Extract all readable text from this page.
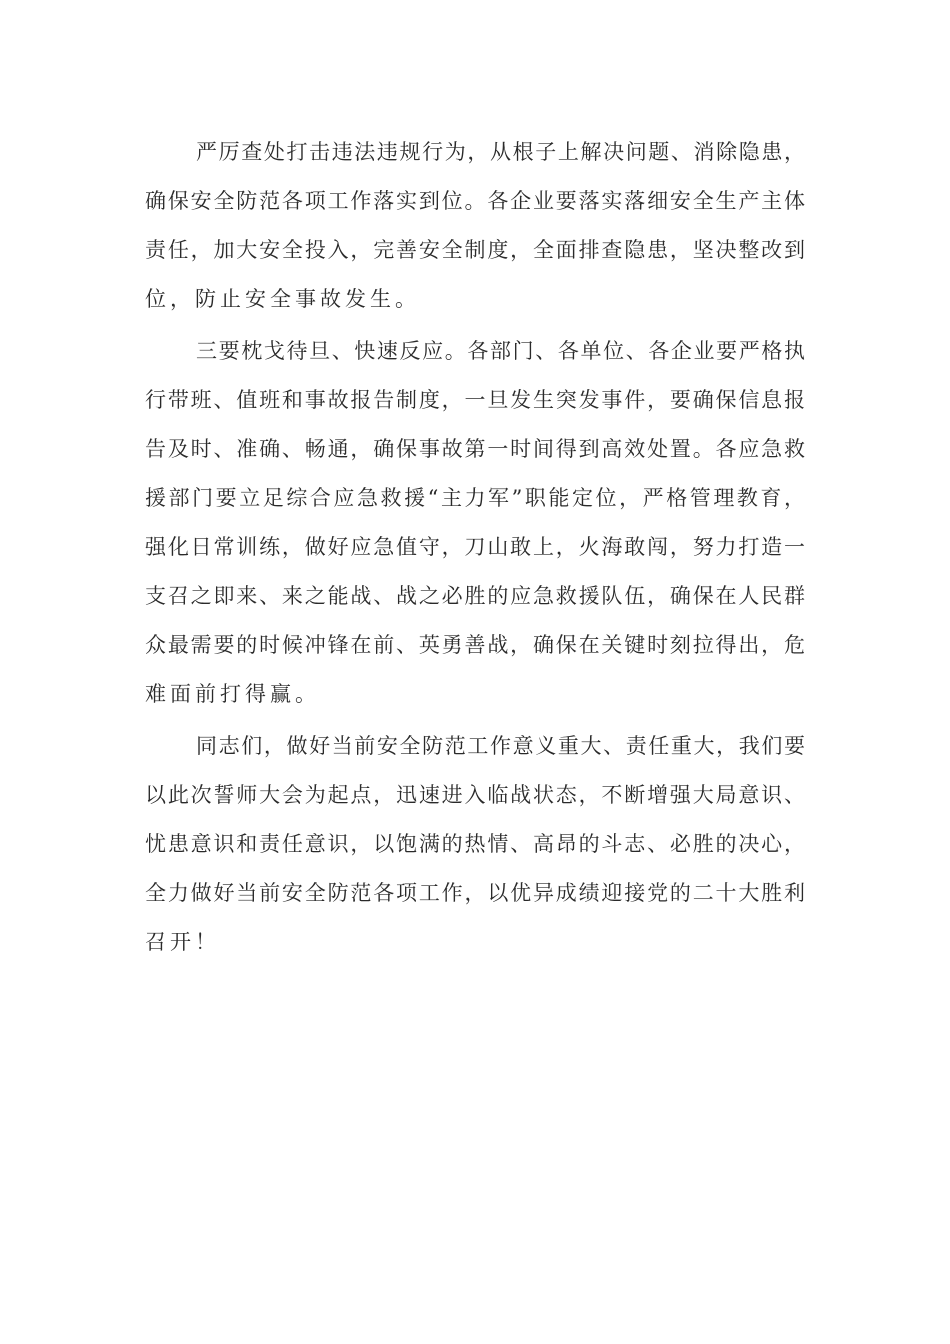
严厉查处打击违法违规行为，从根子上解决问题、消除隐患，
确保安全防范各项工作落实到位。各企业要落实落细安全生产主体
责任，加大安全投入，完善安全制度，全面排查隐患，坚决整改到
位，防止安全事故发生。
三要枕戈待旦、快速反应。各部门、各单位、各企业要严格执
行带班、值班和事故报告制度，一旦发生突发事件，要确保信息报
告及时、准确、畅通，确保事故第一时间得到高效处置。各应急救
援部门要立足综合应急救援“主力军”职能定位，严格管理教育，
强化日常训练，做好应急值守，刀山敢上，火海敢闯，努力打造一
支召之即来、来之能战、战之必胜的应急救援队伍，确保在人民群
众最需要的时候冲锋在前、英勇善战，确保在关键时刻拉得出，危
难面前打得赢。
同志们，做好当前安全防范工作意义重大、责任重大，我们要
以此次誓师大会为起点，迅速进入临战状态，不断增强大局意识、
忧患意识和责任意识，以饱满的热情、高昂的斗志、必胜的决心，
全力做好当前安全防范各项工作，以优异成绩迎接党的二十大胜利
召开！
